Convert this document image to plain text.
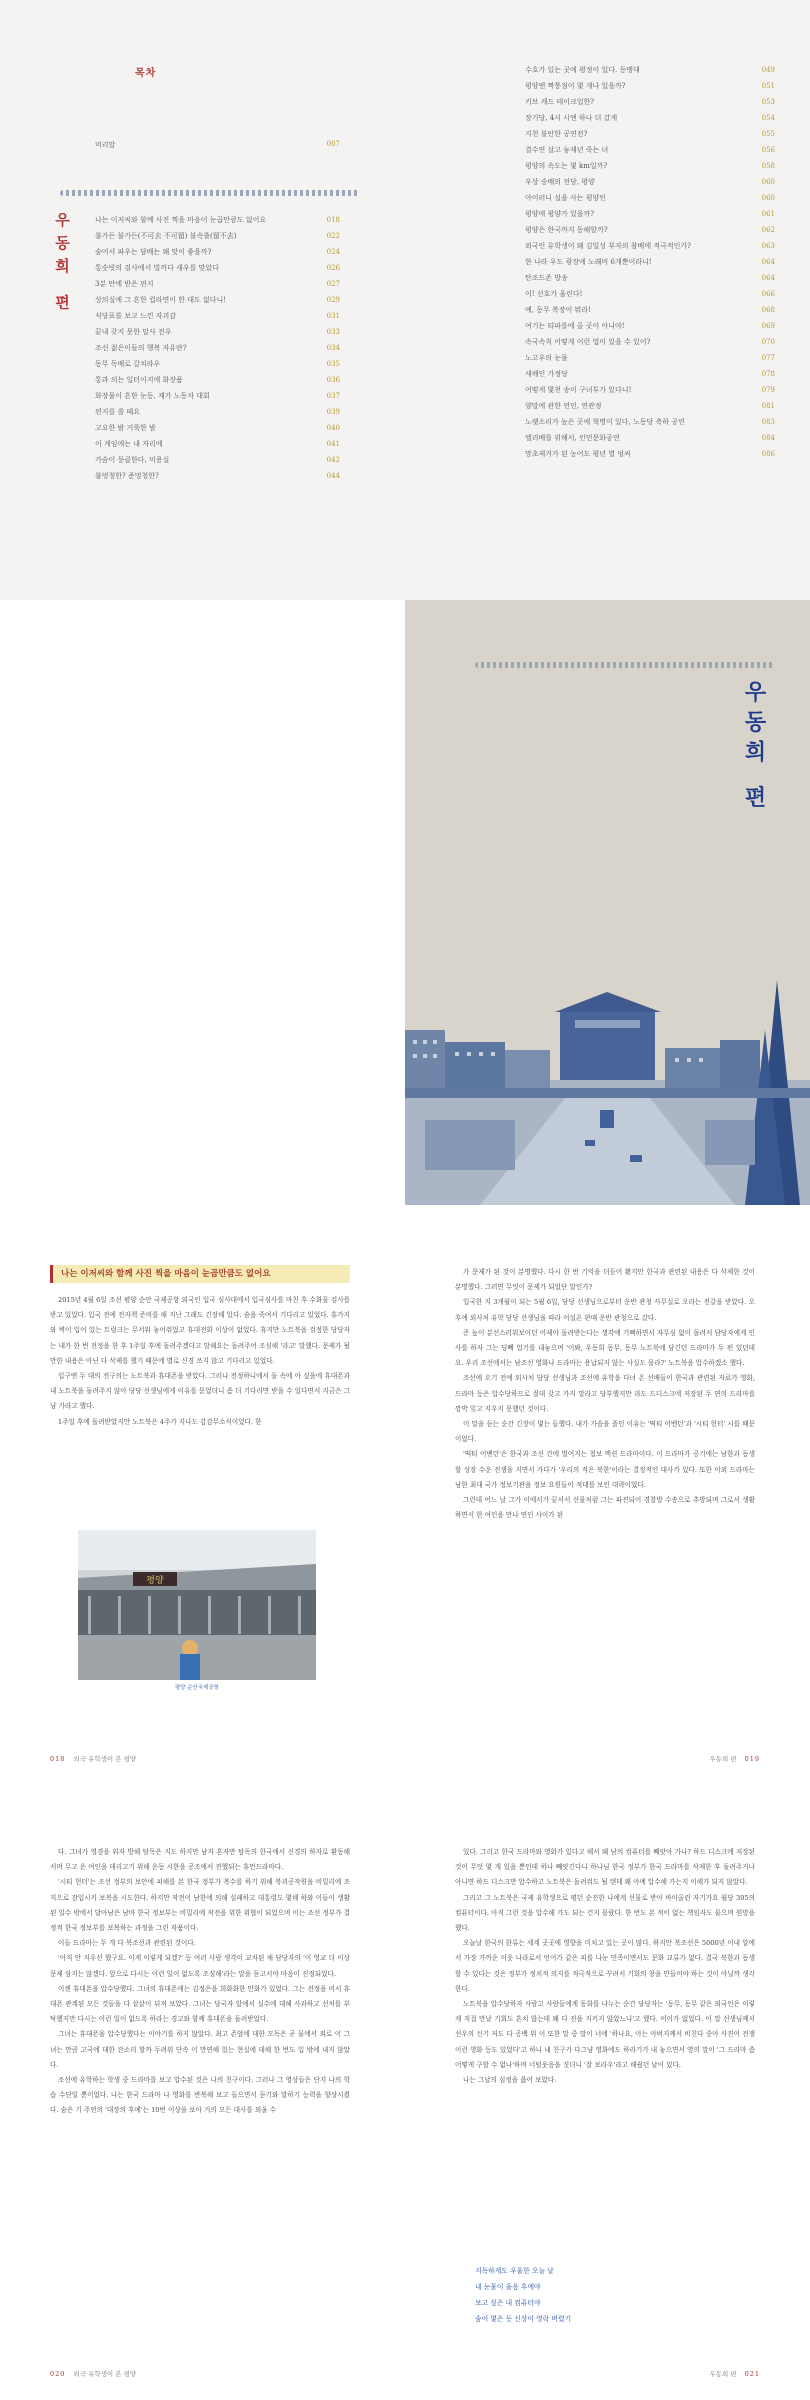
목차
머리말	007
우동희 편	나는 이저씨와 함께 사진 찍을 마음이 눈곱만큼도 없어요	018
불가든 불가든(不可去 不可留) 불속출(留不去)	022
숨어서 파우는 담배는 왜 맛이 좋을까?	024
통숫빗의 검사에서 빌까다 새우를 맞았다	026
3분 만에 받은 편지	027
상의실에 그 흔한 컵라면이 한 대도 없다니!	029
식당표를 보고 느낀 자괴감	031
끝내 갖지 못한 말사 전우	033
조선 젊은이들의 행복 자유란?	034
동무 독배로 갈치라우	035
통과 의는 일터이지에 화장품	036
화장물이 흔한 눈동, 재가 노동자 대회	037
편지를 쓸 때요	039
고요한 밤 거룩한 밤	040
이 게임에는 내 자리에	041
가슴이 뭉클한다, 미용실	042
불멍청한? 준멍청한?	044
수호가 있는 곳에 평정이 있다. 동맹대	049
평양엔 짝퉁점이 몇 개나 있을까?	051
키브 캐드 테이크업한?	053
장기당, 4시 시엔 하나 더 갔게	054
지천 불안한 공연전?	055
결수연 살고 놓재년 죽는 녀	056
평양의 속도는 몇 km일까?	058
우상 숭배의 전당, 평양	060
아이러니 설을 사는 평양인	060
평양에 평양가 있을까?	061
평양은 한국까지 동해할까?	062
외국인 유학생이 왜 김일성 부자의 참배에 적극적인가?	063
한 나라 우도 광장에 노래비 6개뿐이라니!	064
탄조드존 방송	064
이! 선호가 울린다!	066
예, 동무 복장이 뭐라!	068
여기는 티파를에 올 곳이 아니야!	069
속국속칙 어떻게 이런 법이 있을 수 있어?	070
노고우의 눈물	077
새해인 가정당	078
어떻게 몇천 송이 구녀투가 있다니!	079
양말에 관한 연인, 연관정	081
노랫소리가 높은 곳에 혁명이 있다, 노동당 축하 공연	083
엘리베를 위해서, 인민문화공연	084
망초제거가 된 농어도 평년 별 엉씨	086
우동희 편
나는 이저씨와 함께 사진 찍을 마음이 눈곱만큼도 없어요

2015년 4월 6일 조선 평양 순안 국제공항 외국인 입국 심사대에서 입국심사를 마친 후 수화물 검사를 받고 있었다. 입국 전에 전자책 준비를 해 지난 그래도 긴장해 있다. 숨을 죽여서 기다리고 있었다. 휴가지와 벽이 입어 있는 트렁크는 무서워 놓어줘었고 휴대전화 이상이 없었다. 휴지만 노트북을 검정한 당당자는 내가 한 번 전정을 한 후 1주일 후에 돌려주겠다고 말해요는 돌려주어 조심해 '라고' 말했다. 문제가 될 만한 내용은 아닌 다 삭제를 했기 때문에 별로 신경 쓰지 않고 기다리고 있었다.

입구엔 두 대의 전구의는 노트북과 휴대폰을 받았다. 그러나 전정하니에서 돌 속에 아 싶을에 휴대폰과 내 노트북을 돌려주지 않아 당당 선생님에게 이유를 묻었더니 좀 더 기다리면 받을 수 있다면서 지금은 그냥 가라고 했다.

1주일 후에 돌려받았지만 노트북은 4주가 지나도 감감무소식이었다. 한

평양
평양 순안국제공항
018 외국 유학생이 본 평양

가 문제가 된 것이 분명했다. 다시 한 번 기억을 더듬어 봤지만 한국과 관련된 내용은 다 삭제한 것이 분명했다. 그러면 무엇이 문제가 되었단 말인가?

입국한 지 3개월이 되는 5월 6일, 담당 선생님으로부터 운반 관청 사무실로 오라는 전갈을 받았다. 오후에 외사처 유학 담당 선생님을 따라 어설픈 판때 운반 관청으로 갔다.

준 높이 분선스러워보이던 이제야 돌려받는다는 생각에 기뻐하면서 자무심 없이 돌려서 담당자에게 인사를 하자 그는 딩뻬 얼기를 내놓으며 '이봐, 우동희 동무, 동무 노트북에 담긴던 드라마가 두 편 있던데요. 우리 조선에서는 남조선 영화나 드라마는 용납되지 않는 사실도 몰라?' 노트북을 압수하겠소 했다.

조선에 오기 전에 외사처 담당 선생님과 조선에 유학을 다녀 온 선배들이 한국과 관련된 자료가 영화, 드라마 등은 압수당하므로 절대 갖고 가지 말라고 당부했지만 라도 드디스크에 저장된 두 편의 드라마를 깜박 잊고 지우지 못했던 것이다.

이 말을 듣는 순간 긴장이 몇는 들했다. 내가 가슴을 졸인 이유는 '떡티 어벤던'과 '시티 헌터' 시를 때문이었다.

'떡티 어벤던'은 한국과 조선 간에 벌어지는 첩보 액션 드라마이다. 이 드라마가 공기에는 남한과 동생할 성장 수운 전쟁을 지면서 가다가 '우리의 적은 북한'이라는 결정적인 대사가 있다. 또한 이외 드라마는 남한 최대 국가 정보기관을 정보 요원들이 적대를 보인 대략이었다.

그런데 어느 날 그가 이에서가 끝서서 선물처럼 그는 파진되어 경찰방 수송으로 추방되며 그로서 생활하면서 한 여인을 만나 연인 사이가 된

우동희 편 019

다. 그녀가 영경을 위자 방해 탐독은 지도 하지만 남자 혼자만 탐독의 한국에서 신경의 하자로 환동해서며 무고 운 여인을 데리고기 위해 운동 시한을 공조에서 전했되는 휴먼드라마다.

'시티 헌터'는 조선 정부의 보안에 피해를 본 한국 정부가 복수를 하기 위해 북괴공작원을 비밀리에 조직으로 잠입시키 보복을 시도한다. 하지만 작전이 남한에 의해 실패하고 대통령도 몇해 하와 이들이 생활된 일수 밖에서 달아남은 남마 한국 정보부는 비밀리에 작전을 위한 위협이 되었으며 이는 조선 정부가 결정적 한국 정보부를 보복하는 과정을 그린 작품이다.

이들 드라마는 두 개 다 북조선과 관련된 것이다.

'아직 안 지우선 했구요. 이게 이렇게 되겠?' 등 여러 사람 생각이 교차된 채 담당자의 '이 영교 더 이상 문제 삼지는 않겠다. 앞으로 다시는 이런 일이 없도록 조심해'라는 말을 듣고서야 마음이 진정되었다.

이젠 휴대폰을 압수당했다. 그녀의 휴대폰에는 김정은을 희화화한 만화가 있었다. 그는 전정을 비서 휴대폰 관계된 모든 것들을 다 샅샅이 뒤져 보았다. 그녀는 당국자 앞에서 실수에 대해 사과하고 선처를 부탁했지만 다시는 이런 일이 없도록 하라는 경고와 함께 휴대폰을 돌려받았다.

그녀는 휴대폰을 압수당했다는 이야기를 하지 않았다. 최고 존엄에 대한 모독은 곧 물에서 죄로 이 그녀는 만큼 고국에 대한 잔소리 할까 두려워 단속 이 만연해 있는 현실에 대해 한 번도 입 밖에 내지 않았다.

조선에 유학하는 학생 중 드라마를 보고 압수된 것은 나의 친구이다. 그러나 그 영상들은 단지 나의 학습 수단일 뿐이었다. 나는 한국 드라마 나 영화를 반복해 보고 들으면서 듣기와 말하기 능력을 향상시켰다. 숨은 기 주연의 '대장의 후예'는 10번 이상을 보아 거의 모든 대사를 외울 수

020 외국 유학생이 본 평양

있다. 그리고 한국 드라마와 영화가 있다고 해서 왜 남의 컴퓨터를 빼앗아 가나? 하드 디스크에 저장된 것이 무엇 몇 개 있을 뿐인데 하나 빼앗긴다니 하나님 한국 정부가 한국 드라마를 삭제한 후 돌려주거나 아니면 하드 디스크만 압수하고 노트북은 돌려줘도 될 텐데 왜 아예 압수해 가는지 이해가 되지 않았다.

그리고 그 노트북은 국제 유학생으로 평던 순진한 나에게 선물로 받아 바이올린 자기가요 월당 305의 컴퓨터이다. 아직 그런 것을 압수해 가도 되는 건지 몰랐다. 한 번도 본 적이 없는 책임자도 물으며 원망을 했다.

오늘날 한국의 한류는 세계 곳곳에 영향을 미치고 있는 곳이 많다. 하지만 북조선은 5000년 이내 알에서 가장 가까운 이웃 나라로서 언어가 같은 피를 나눈 민족이면서도 문화 교류가 없다. 결국 북한과 동생할 수 있다는 것은 정부가 정치적 의지를 적극적으로 꾸려서 기회의 창을 만들어야 하는 것이 아닐까 생각한다.

노트북을 압수당하자 사람고 사람들에게 동화를 나누는 순간 당당자는 '동무, 동무 같은 외국인은 이렇게 직접 만날 기회도 흔치 않는데 왜 다 전을 지키지 않았느냐'고 했다. 어이가 없었다. 이 말 선생님께서 선우의 신기 저도 다 공백 위 이 또한 말 중 말이 너에 '하나요, 아는 아버지께서 비친다 중아 사진이 전쟁 이런 영화 등도 있었다'고 하니 내 친구가 다그냥 영화에도 하라기가 내 놓으면서 영의 말이 '그 드라마 좀 어떻게 구할 수 없나'하며 너털웃음을 짓더니 '잘 보라우'라고 해줬던 날이 있다.

나는 그날의 심정을 읊어 보았다.

지독하게도 우울한 오늘 날
내 눈물이 울음 후에야
보고 싶은 내 컴퓨터야
숨어 몇은 듯 신상이 영락 버렸기
우동희 편 021
